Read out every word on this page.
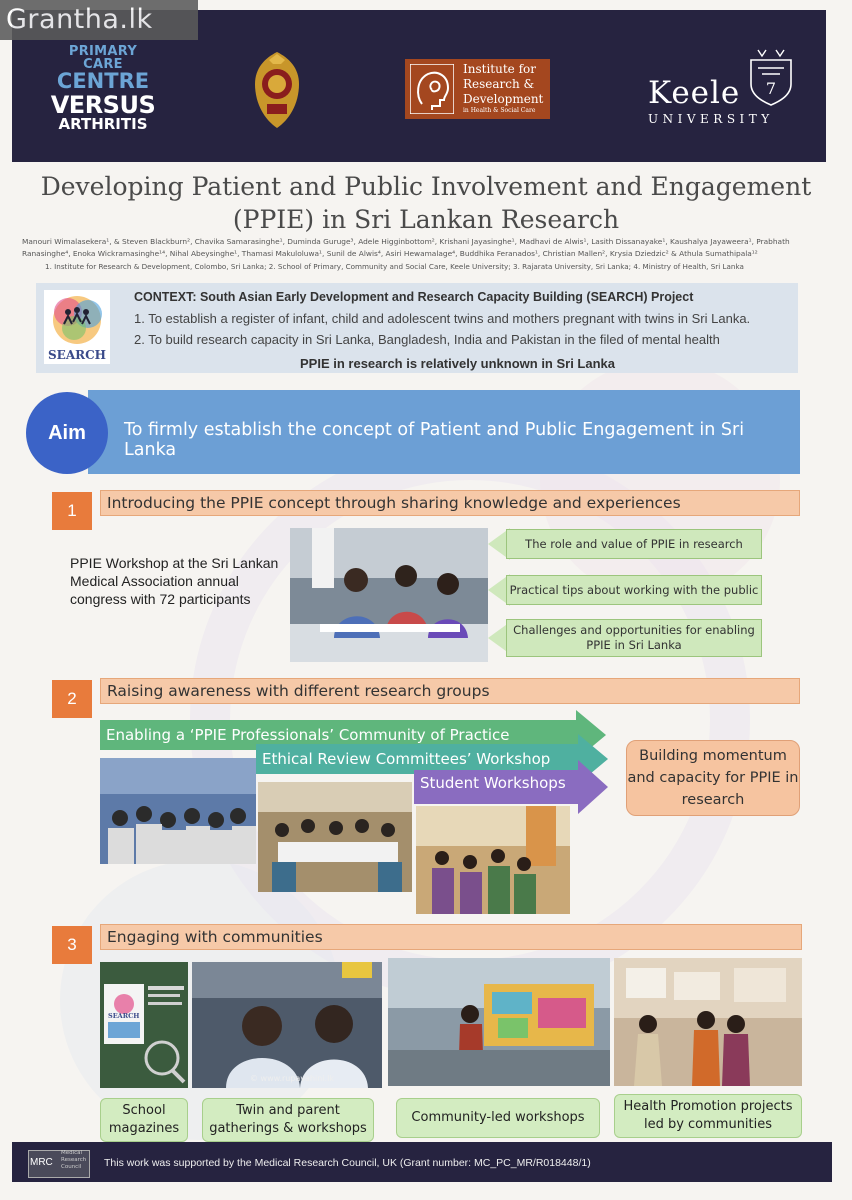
PRIMARY CARE
CENTRE
VERSUS
ARTHRITIS
Institute for
Research &
Development
in Health & Social Care
7
Keele
UNIVERSITY
Grantha.lk
Developing Patient and Public Involvement and Engagement
(PPIE) in Sri Lankan Research
Manouri Wimalasekera¹, & Steven Blackburn², Chavika Samarasinghe¹, Duminda Guruge³, Adele Higginbottom², Krishani Jayasinghe¹, Madhavi de Alwis¹, Lasith Dissanayake¹, Kaushalya Jayaweera¹, Prabhath
Ranasinghe⁴, Enoka Wickramasinghe¹⁴, Nihal Abeysinghe¹, Thamasi Makuloluwa¹, Sunil de Alwis⁴, Asiri Hewamalage⁴, Buddhika Feranados¹, Christian Mallen², Krysia Dziedzic² & Athula Sumathipala¹²
1. Institute for Research & Development, Colombo, Sri Lanka; 2. School of Primary, Community and Social Care, Keele University; 3. Rajarata University, Sri Lanka; 4. Ministry of Health, Sri Lanka
SEARCH
CONTEXT: South Asian Early Development and Research Capacity Building (SEARCH) Project
1. To establish a register of infant, child and adolescent twins and mothers pregnant with twins in Sri Lanka.
2. To build research capacity in Sri Lanka, Bangladesh, India and Pakistan in the filed of mental health
PPIE in research is relatively unknown in Sri Lanka
Aim	To firmly establish the concept of Patient and Public Engagement in Sri Lanka
1	Introducing the PPIE concept through sharing knowledge and experiences
PPIE Workshop at the Sri Lankan Medical Association annual congress with 72 participants
The role and value of PPIE in research
Practical tips about working with the public
Challenges and opportunities for enabling PPIE in Sri Lanka
2	Raising awareness with different research groups
Enabling a ‘PPIE Professionals’ Community of Practice
Ethical Review Committees’ Workshop
Student Workshops
Building momentum and capacity for PPIE in research
3	Engaging with communities
SEARCH
© www.rupavahini.lk
School magazines
Twin and parent gatherings & workshops
Community-led workshops
Health Promotion projects led by communities
MRC
Medical Research Council	This work was supported by the Medical Research Council, UK (Grant number: MC_PC_MR/R018448/1)
